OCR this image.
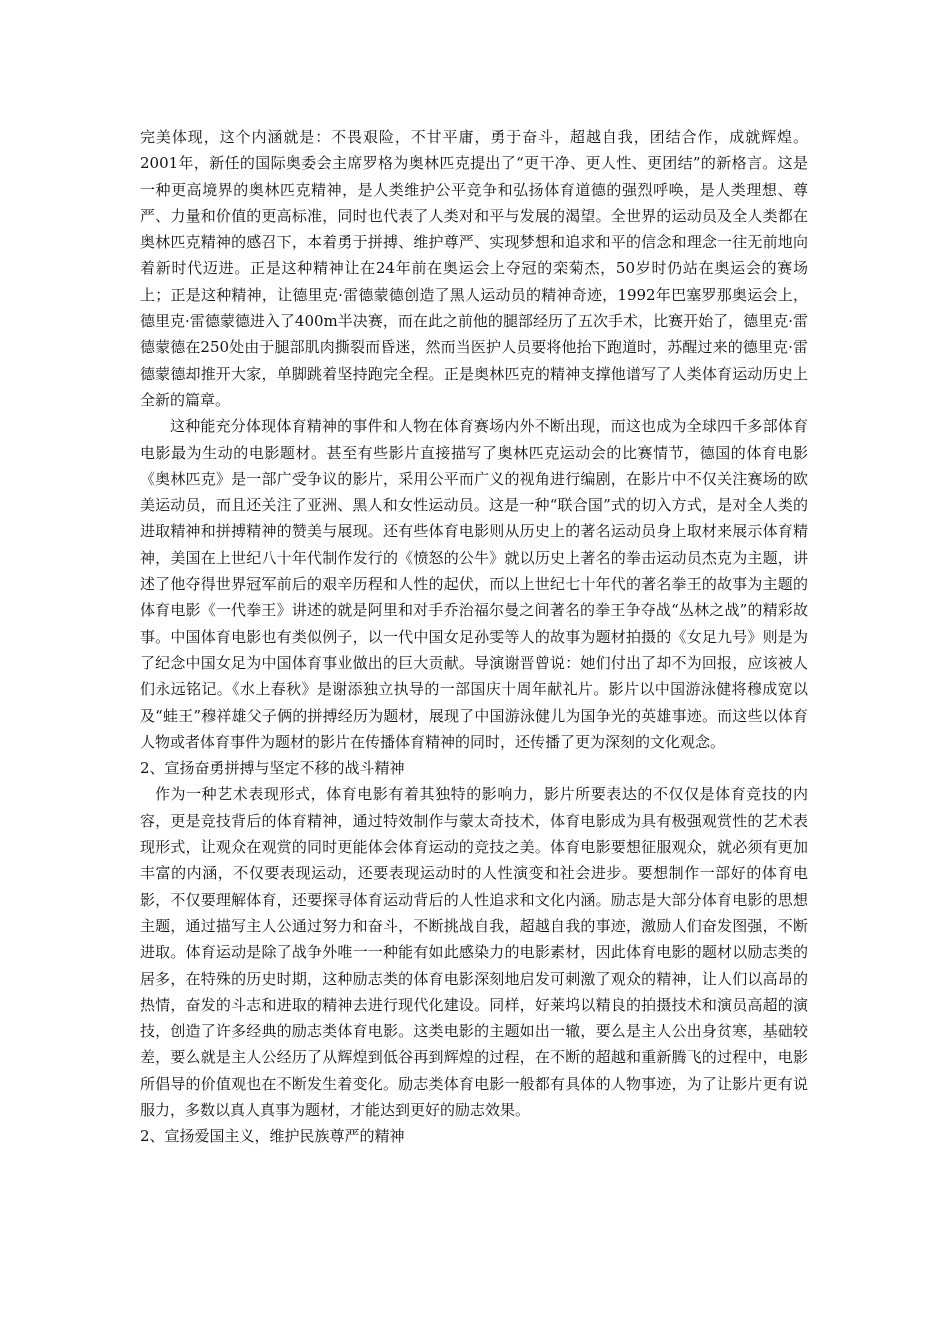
完美体现，这个内涵就是：不畏艰险，不甘平庸，勇于奋斗，超越自我，团结合作，成就辉煌。2001年，新任的国际奥委会主席罗格为奥林匹克提出了“更干净、更人性、更团结”的新格言。这是一种更高境界的奥林匹克精神，是人类维护公平竞争和弘扬体育道德的强烈呼唤，是人类理想、尊严、力量和价值的更高标准，同时也代表了人类对和平与发展的渴望。全世界的运动员及全人类都在奥林匹克精神的感召下，本着勇于拼搏、维护尊严、实现梦想和追求和平的信念和理念一往无前地向着新时代迈进。正是这种精神让在24年前在奥运会上夺冠的栾菊杰，50岁时仍站在奥运会的赛场上；正是这种精神，让德里克·雷德蒙德创造了黑人运动员的精神奇迹，1992年巴塞罗那奥运会上，德里克·雷德蒙德进入了400m半决赛，而在此之前他的腿部经历了五次手术，比赛开始了，德里克·雷德蒙德在250处由于腿部肌肉撕裂而昏迷，然而当医护人员要将他抬下跑道时，苏醒过来的德里克·雷德蒙德却推开大家，单脚跳着坚持跑完全程。正是奥林匹克的精神支撑他谱写了人类体育运动历史上全新的篇章。

这种能充分体现体育精神的事件和人物在体育赛场内外不断出现，而这也成为全球四千多部体育电影最为生动的电影题材。甚至有些影片直接描写了奥林匹克运动会的比赛情节，德国的体育电影《奥林匹克》是一部广受争议的影片，采用公平而广义的视角进行编剧，在影片中不仅关注赛场的欧美运动员，而且还关注了亚洲、黑人和女性运动员。这是一种“联合国”式的切入方式，是对全人类的进取精神和拼搏精神的赞美与展现。还有些体育电影则从历史上的著名运动员身上取材来展示体育精神，美国在上世纪八十年代制作发行的《愤怒的公牛》就以历史上著名的拳击运动员杰克为主题，讲述了他夺得世界冠军前后的艰辛历程和人性的起伏，而以上世纪七十年代的著名拳王的故事为主题的体育电影《一代拳王》讲述的就是阿里和对手乔治福尔曼之间著名的拳王争夺战“丛林之战”的精彩故事。中国体育电影也有类似例子，以一代中国女足孙雯等人的故事为题材拍摄的《女足九号》则是为了纪念中国女足为中国体育事业做出的巨大贡献。导演谢晋曾说：她们付出了却不为回报，应该被人们永远铭记。《水上春秋》是谢添独立执导的一部国庆十周年献礼片。影片以中国游泳健将穆成宽以及“蛙王”穆祥雄父子俩的拼搏经历为题材，展现了中国游泳健儿为国争光的英雄事迹。而这些以体育人物或者体育事件为题材的影片在传播体育精神的同时，还传播了更为深刻的文化观念。

2、宣扬奋勇拼搏与坚定不移的战斗精神

作为一种艺术表现形式，体育电影有着其独特的影响力，影片所要表达的不仅仅是体育竞技的内容，更是竞技背后的体育精神，通过特效制作与蒙太奇技术，体育电影成为具有极强观赏性的艺术表现形式，让观众在观赏的同时更能体会体育运动的竞技之美。体育电影要想征服观众，就必须有更加丰富的内涵，不仅要表现运动，还要表现运动时的人性演变和社会进步。要想制作一部好的体育电影，不仅要理解体育，还要探寻体育运动背后的人性追求和文化内涵。励志是大部分体育电影的思想主题，通过描写主人公通过努力和奋斗，不断挑战自我，超越自我的事迹，激励人们奋发图强，不断进取。体育运动是除了战争外唯一一种能有如此感染力的电影素材，因此体育电影的题材以励志类的居多，在特殊的历史时期，这种励志类的体育电影深刻地启发可刺激了观众的精神，让人们以高昂的热情，奋发的斗志和进取的精神去进行现代化建设。同样，好莱坞以精良的拍摄技术和演员高超的演技，创造了许多经典的励志类体育电影。这类电影的主题如出一辙，要么是主人公出身贫寒，基础较差，要么就是主人公经历了从辉煌到低谷再到辉煌的过程，在不断的超越和重新腾飞的过程中，电影所倡导的价值观也在不断发生着变化。励志类体育电影一般都有具体的人物事迹，为了让影片更有说服力，多数以真人真事为题材，才能达到更好的励志效果。

2、宣扬爱国主义，维护民族尊严的精神
